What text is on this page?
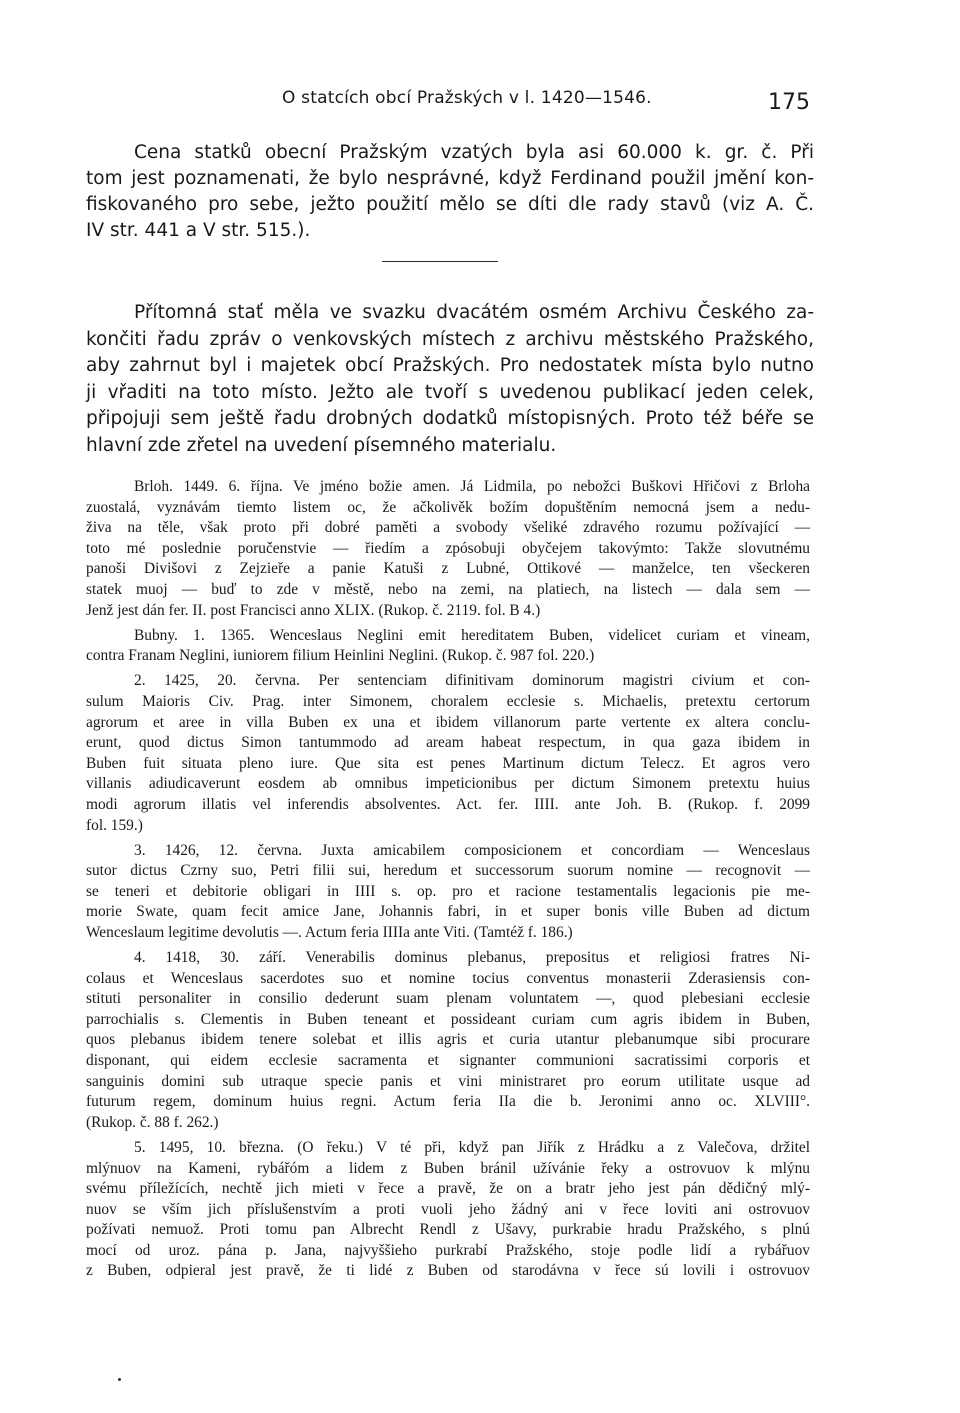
O statcích obcí Pražských v l. 1420—1546.	175
Cena statků obecní Pražským vzatých byla asi 60.000 k. gr. č. Při
tom jest poznamenati, že bylo nesprávné, když Ferdinand použil jmění kon-
fiskovaného pro sebe, ježto použití mělo se díti dle rady stavů (viz A. Č.
IV str. 441 a V str. 515.).
Přítomná stať měla ve svazku dvacátém osmém Archivu Českého za-
končiti řadu zpráv o venkovských místech z archivu městského Pražského,
aby zahrnut byl i majetek obcí Pražských. Pro nedostatek místa bylo nutno
ji vřaditi na toto místo. Ježto ale tvoří s uvedenou publikací jeden celek,
připojuji sem ještě řadu drobných dodatků místopisných. Proto též béře se
hlavní zde zřetel na uvedení písemného materialu.
Brloh. 1449. 6. října. Ve jméno božie amen. Já Lidmila, po nebožci Buškovi Hřičovi z Brloha
zuostalá, vyznávám tiemto listem oc, že ačkolivěk božím dopuštěním nemocná jsem a nedu-
živa na těle, však proto při dobré paměti a svobody všeliké zdravého rozumu požívající —
toto mé poslednie poručenstvie — řiedím a zpósobuji obyčejem takovýmto: Takže slovutnému
panoši Divišovi z Zejzieře a panie Katuši z Lubné, Ottikové — manželce, ten všeckeren
statek muoj — buď to zde v městě, nebo na zemi, na platiech, na listech — dala sem —
Jenž jest dán fer. II. post Francisci anno XLIX. (Rukop. č. 2119. fol. B 4.)
Bubny. 1. 1365. Wenceslaus Neglini emit hereditatem Buben, videlicet curiam et vineam,
contra Franam Neglini, iuniorem filium Heinlini Neglini. (Rukop. č. 987 fol. 220.)
2. 1425, 20. června. Per sentenciam difinitivam dominorum magistri civium et con-
sulum Maioris Civ. Prag. inter Simonem, choralem ecclesie s. Michaelis, pretextu certorum
agrorum et aree in villa Buben ex una et ibidem villanorum parte vertente ex altera conclu-
erunt, quod dictus Simon tantummodo ad aream habeat respectum, in qua gaza ibidem in
Buben fuit situata pleno iure. Que sita est penes Martinum dictum Telecz. Et agros vero
villanis adiudicaverunt eosdem ab omnibus impeticionibus per dictum Simonem pretextu huius
modi agrorum illatis vel inferendis absolventes. Act. fer. IIII. ante Joh. B. (Rukop. f. 2099
fol. 159.)
3. 1426, 12. června. Juxta amicabilem composicionem et concordiam — Wenceslaus
sutor dictus Czrny suo, Petri filii sui, heredum et successorum suorum nomine — recognovit —
se teneri et debitorie obligari in IIII s. op. pro et racione testamentalis legacionis pie me-
morie Swate, quam fecit amice Jane, Johannis fabri, in et super bonis ville Buben ad dictum
Wenceslaum legitime devolutis —. Actum feria IIIIa ante Viti. (Tamtéž f. 186.)
4. 1418, 30. září. Venerabilis dominus plebanus, prepositus et religiosi fratres Ni-
colaus et Wenceslaus sacerdotes suo et nomine tocius conventus monasterii Zderasiensis con-
stituti personaliter in consilio dederunt suam plenam voluntatem —, quod plebesiani ecclesie
parrochialis s. Clementis in Buben teneant et possideant curiam cum agris ibidem in Buben,
quos plebanus ibidem tenere solebat et illis agris et curia utantur plebanumque sibi procurare
disponant, qui eidem ecclesie sacramenta et signanter communioni sacratissimi corporis et
sanguinis domini sub utraque specie panis et vini ministraret pro eorum utilitate usque ad
futurum regem, dominum huius regni. Actum feria IIa die b. Jeronimi anno oc. XLVIII°.
(Rukop. č. 88 f. 262.)
5. 1495, 10. března. (O řeku.) V té při, když pan Jiřík z Hrádku a z Valečova, držitel
mlýnuov na Kameni, rybářóm a lidem z Buben bránil užívánie řeky a ostrovuov k mlýnu
svému příležících, nechtě jich mieti v řece a pravě, že on a bratr jeho jest pán dědičný mlý-
nuov se vším jich příslušenstvím a proti vuoli jeho žádný ani v řece loviti ani ostrovuov
požívati nemuož. Proti tomu pan Albrecht Rendl z Ušavy, purkrabie hradu Pražského, s plnú
mocí od uroz. pána p. Jana, najvyššieho purkrabí Pražského, stoje podle lidí a rybářuov
z Buben, odpieral jest pravě, že ti lidé z Buben od starodávna v řece sú lovili i ostrovuov
